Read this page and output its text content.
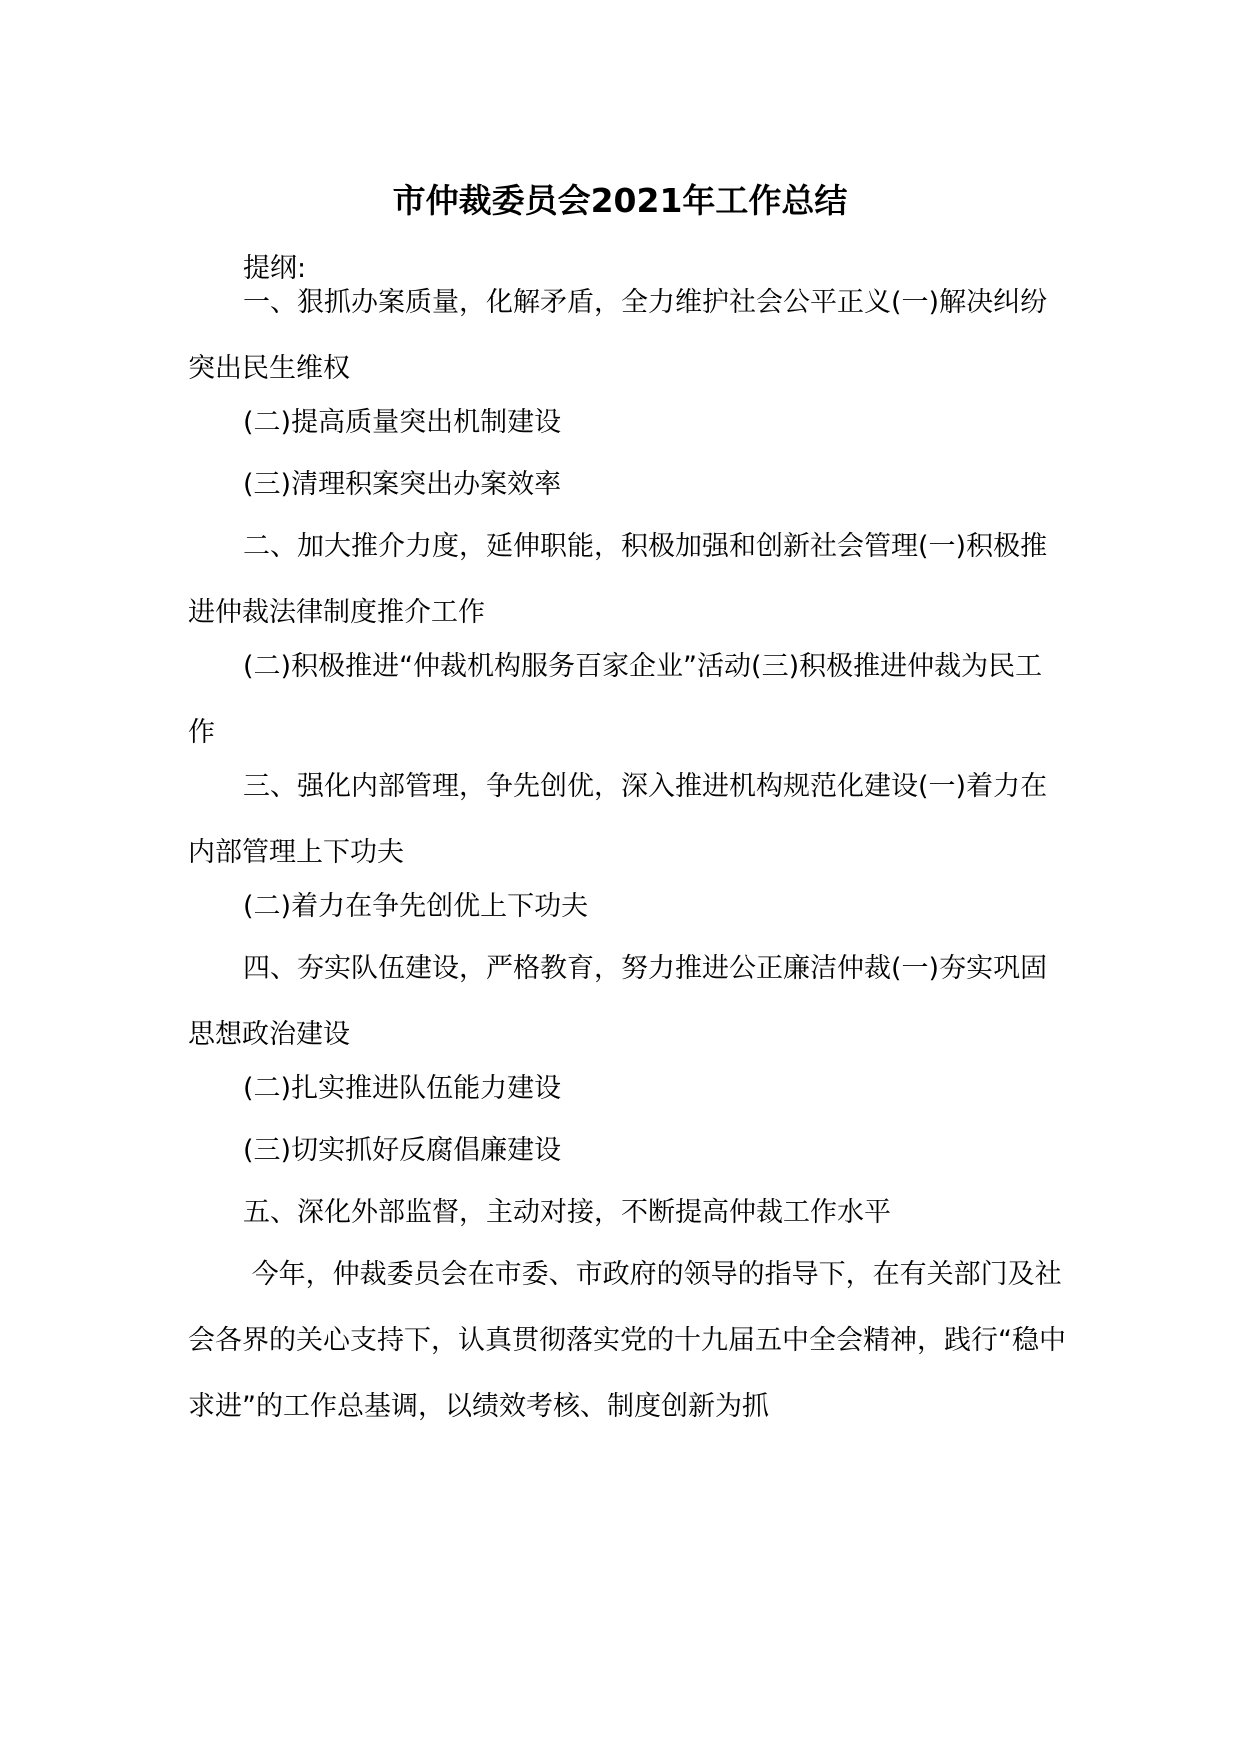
市仲裁委员会2021年工作总结
提纲:
一、狠抓办案质量，化解矛盾，全力维护社会公平正义(一)解决纠纷突出民生维权
(二)提高质量突出机制建设
(三)清理积案突出办案效率
二、加大推介力度，延伸职能，积极加强和创新社会管理(一)积极推进仲裁法律制度推介工作
(二)积极推进“仲裁机构服务百家企业”活动(三)积极推进仲裁为民工作
三、强化内部管理，争先创优，深入推进机构规范化建设(一)着力在内部管理上下功夫
(二)着力在争先创优上下功夫
四、夯实队伍建设，严格教育，努力推进公正廉洁仲裁(一)夯实巩固思想政治建设
(二)扎实推进队伍能力建设
(三)切实抓好反腐倡廉建设
五、深化外部监督，主动对接，不断提高仲裁工作水平
今年，仲裁委员会在市委、市政府的领导的指导下，在有关部门及社会各界的关心支持下，认真贯彻落实党的十九届五中全会精神，践行“稳中求进”的工作总基调，以绩效考核、制度创新为抓
